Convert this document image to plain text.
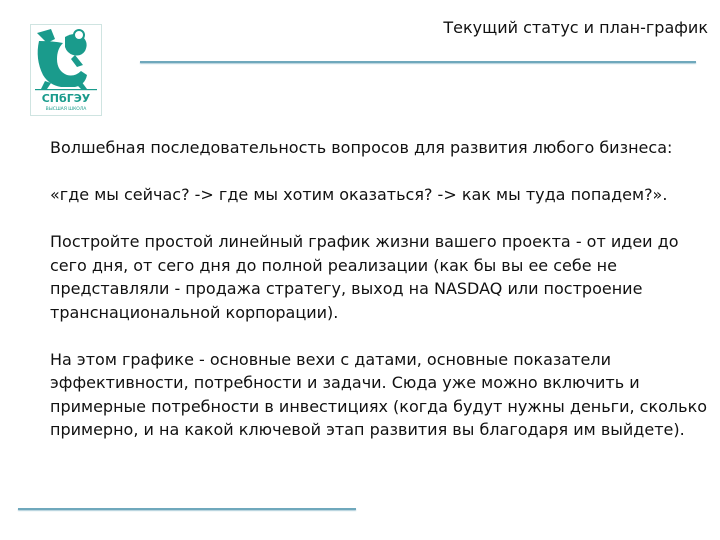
СПбГЭУ
ВЫСШАЯ ШКОЛА
Текущий статус и план-график

Волшебная последовательность вопросов для развития любого бизнеса:

«где мы сейчас? -> где мы хотим оказаться? -> как мы туда попадем?».

Постройте простой линейный график жизни вашего проекта - от идеи до сего дня, от сего дня до полной реализации (как бы вы ее себе не представляли - продажа стратегу, выход на NASDAQ или построение транснациональной корпорации).

На этом графике - основные вехи с датами, основные показатели эффективности, потребности и задачи. Сюда уже можно включить и примерные потребности в инвестициях (когда будут нужны деньги, сколько примерно, и на какой ключевой этап развития вы благодаря им выйдете).
